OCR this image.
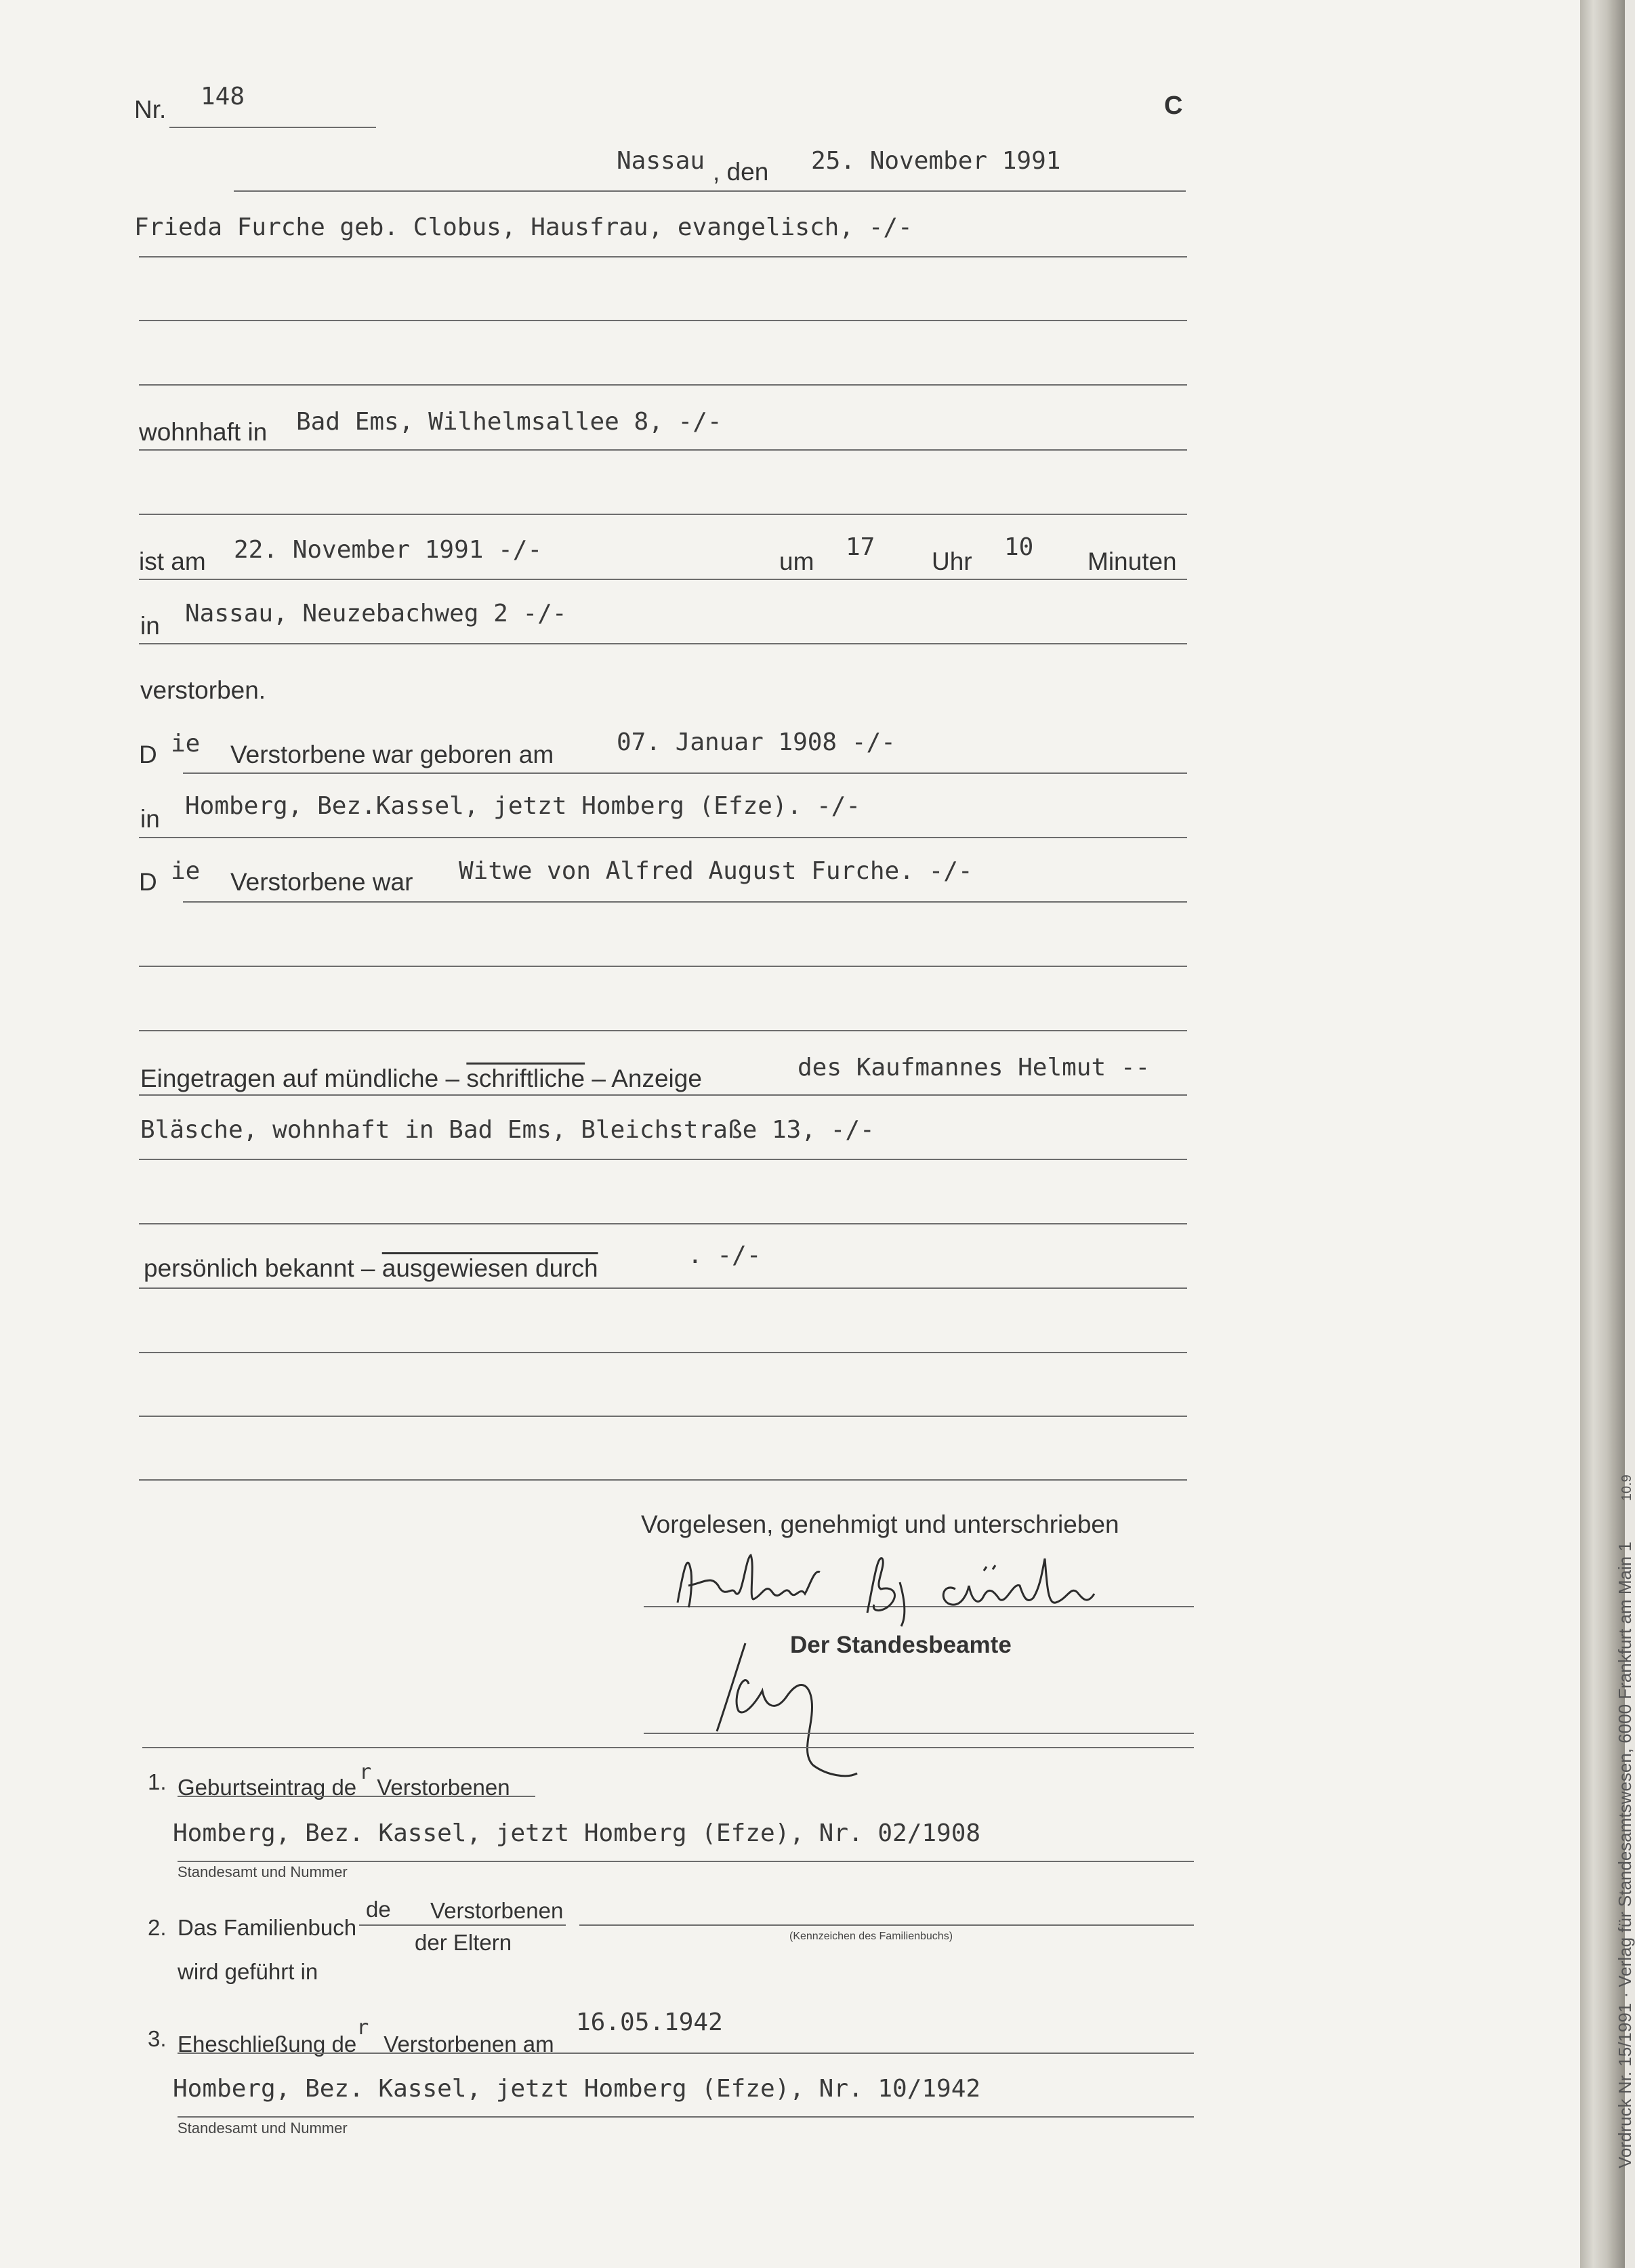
Nr. 148	C
Nassau , den 25. November 1991
Frieda Furche geb. Clobus, Hausfrau, evangelisch, -/-
wohnhaft in Bad Ems, Wilhelmsallee 8, -/-
ist am 22. November 1991 -/-	um
17
Uhr
10
Minuten
in Nassau, Neuzebachweg 2 -/-
verstorben.
D ie Verstorbene war geboren am	07. Januar 1908 -/-
in Homberg, Bez.Kassel, jetzt Homberg (Efze). -/-
D ie Verstorbene war Witwe von Alfred August Furche. -/-
Eingetragen auf mündliche – schriftliche – Anzeige	des Kaufmannes Helmut --
Bläsche, wohnhaft in Bad Ems, Bleichstraße 13, -/-
persönlich bekannt – ausgewiesen durch	. -/-
Vorgelesen, genehmigt und unterschrieben
Helmut Bläsche
Der Standesbeamte
1. Geburtseintrag $de^rVerstorbenen$
Homberg, Bez. Kassel, jetzt Homberg (Efze), Nr. 02/1908
Standesamt und Nummer
2. Das Familienbuch
de Verstorbenen
der Eltern	(Kennzeichen des Familienbuchs)
wird geführt in
3. Eheschließung $de^rVerstorbenen$ am
16.05.1942
Homberg, Bez. Kassel, jetzt Homberg (Efze), Nr. 10/1942
Standesamt und Nummer	Vordruck Nr. 15/1991 · Verlag für Standesamtswesen, 6000 Frankfurt am Main 110.9
